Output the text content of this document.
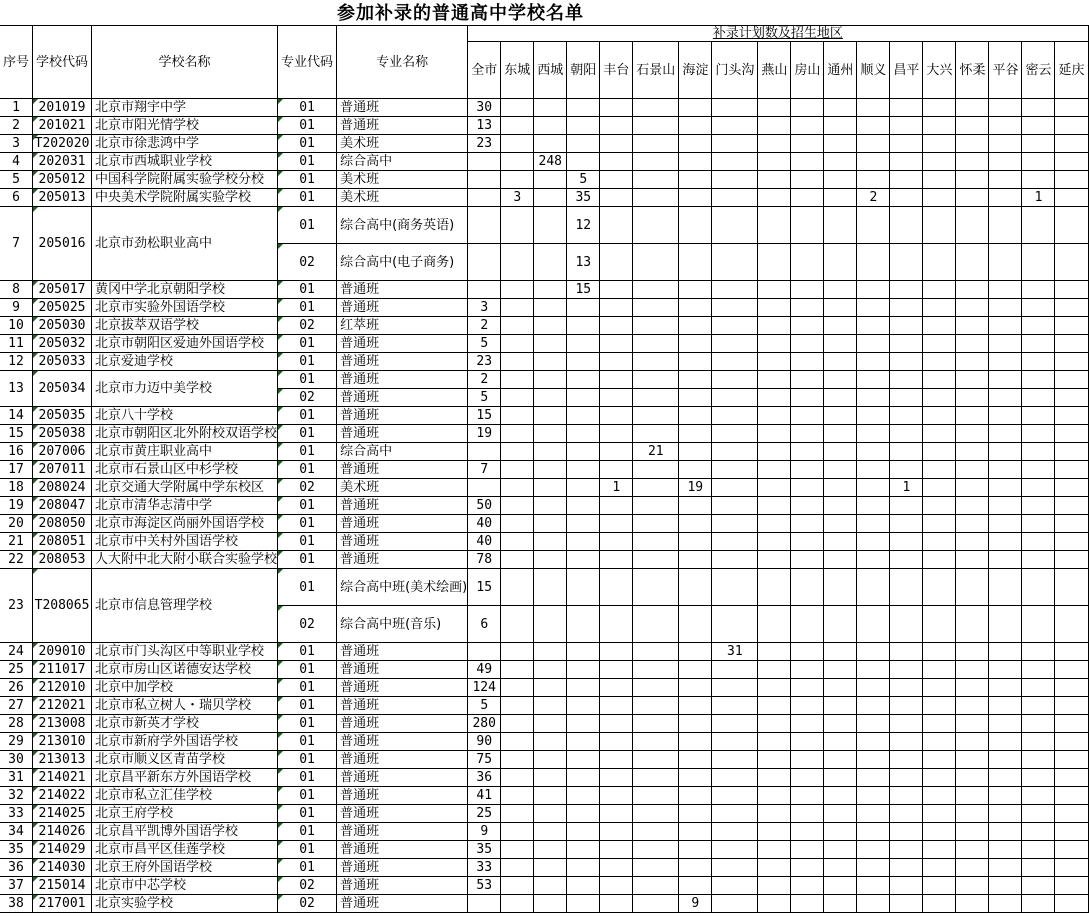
参加补录的普通高中学校名单
序号	学校代码	学校名称	专业代码	专业名称	补录计划数及招生地区																	
					全市	东城	西城	朝阳	丰台	石景山	海淀	门头沟	燕山	房山	通州	顺义	昌平	大兴	怀柔	平谷	密云	延庆
1	201019	北京市翔宇中学	01	普通班	30																	
2	201021	北京市阳光情学校	01	普通班	13																	
3	T202020	北京市徐悲鸿中学	01	美术班	23																	
4	202031	北京市西城职业学校	01	综合高中			248															
5	205012	中国科学院附属实验学校分校	01	美术班				5														
6	205013	中央美术学院附属实验学校	01	美术班		3		35								2					1	
7	205016	北京市劲松职业高中	01	综合高中(商务英语)				12														
			02	综合高中(电子商务)				13														
8	205017	黄冈中学北京朝阳学校	01	普通班				15														
9	205025	北京市实验外国语学校	01	普通班	3																	
10	205030	北京拔萃双语学校	02	红萃班	2																	
11	205032	北京市朝阳区爱迪外国语学校	01	普通班	5																	
12	205033	北京爱迪学校	01	普通班	23																	
13	205034	北京市力迈中美学校	01	普通班	2																	
			02	普通班	5																	
14	205035	北京八十学校	01	普通班	15																	
15	205038	北京市朝阳区北外附校双语学校	01	普通班	19																	
16	207006	北京市黄庄职业高中	01	综合高中						21												
17	207011	北京市石景山区中杉学校	01	普通班	7																	
18	208024	北京交通大学附属中学东校区	02	美术班					1		19						1					
19	208047	北京市清华志清中学	01	普通班	50																	
20	208050	北京市海淀区尚丽外国语学校	01	普通班	40																	
21	208051	北京市中关村外国语学校	01	普通班	40																	
22	208053	人大附中北大附小联合实验学校	01	普通班	78																	
23	T208065	北京市信息管理学校	01	综合高中班(美术绘画)	15																	
			02	综合高中班(音乐)	6																	
24	209010	北京市门头沟区中等职业学校	01	普通班								31										
25	211017	北京市房山区诺德安达学校	01	普通班	49																	
26	212010	北京中加学校	01	普通班	124																	
27	212021	北京市私立树人・瑞贝学校	01	普通班	5																	
28	213008	北京市新英才学校	01	普通班	280																	
29	213010	北京市新府学外国语学校	01	普通班	90																	
30	213013	北京市顺义区青苗学校	01	普通班	75																	
31	214021	北京昌平新东方外国语学校	01	普通班	36																	
32	214022	北京市私立汇佳学校	01	普通班	41																	
33	214025	北京王府学校	01	普通班	25																	
34	214026	北京昌平凯博外国语学校	01	普通班	9																	
35	214029	北京市昌平区佳莲学校	01	普通班	35																	
36	214030	北京王府外国语学校	01	普通班	33																	
37	215014	北京市中芯学校	02	普通班	53																	
38	217001	北京实验学校	02	普通班							9											
